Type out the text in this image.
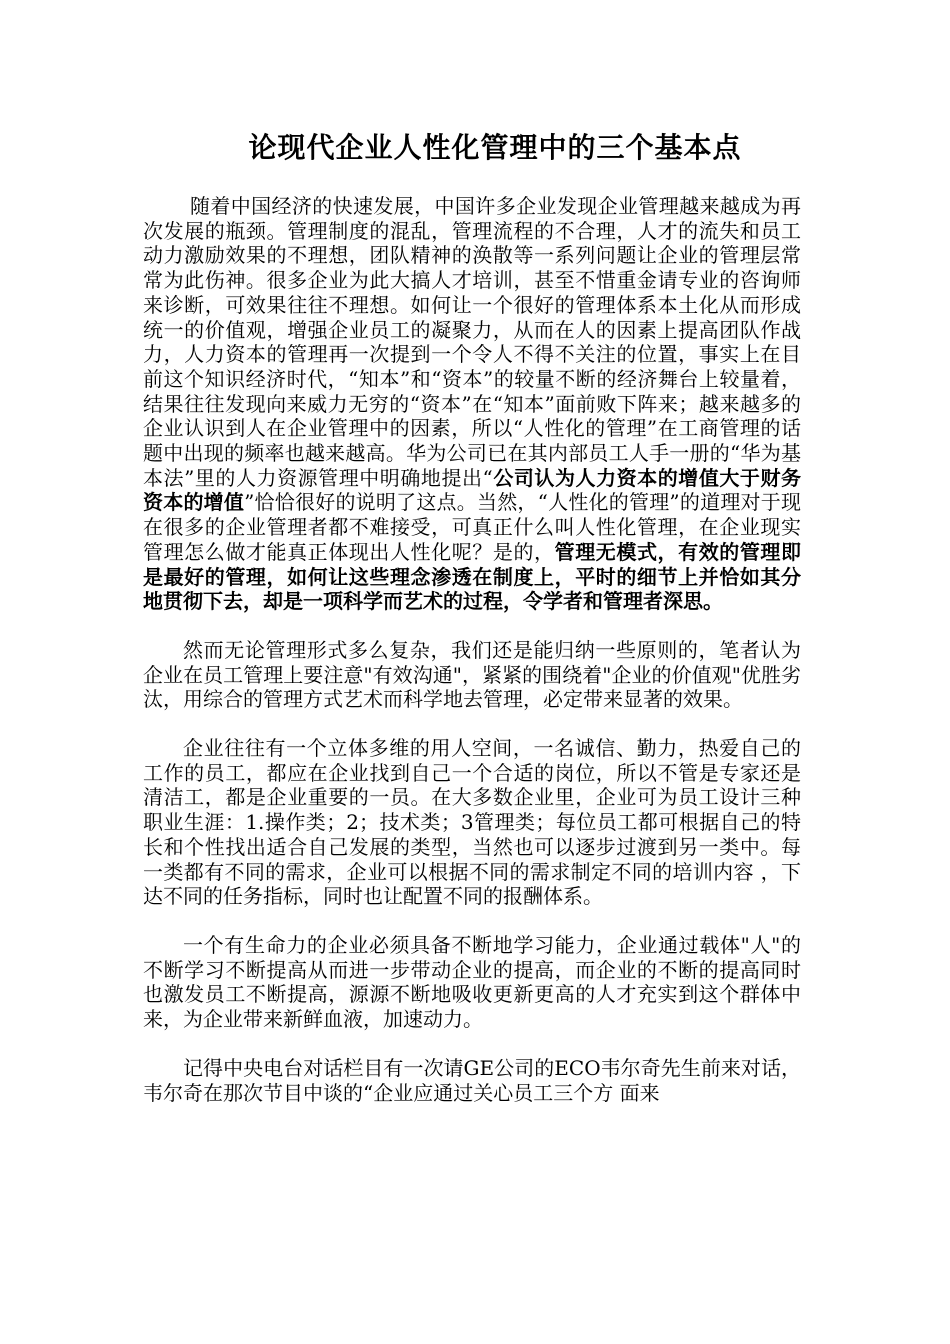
论现代企业人性化管理中的三个基本点

随着中国经济的快速发展，中国许多企业发现企业管理越来越成为再次发展的瓶颈。管理制度的混乱，管理流程的不合理，人才的流失和员工动力激励效果的不理想，团队精神的涣散等一系列问题让企业的管理层常常为此伤神。很多企业为此大搞人才培训，甚至不惜重金请专业的咨询师来诊断，可效果往往不理想。如何让一个很好的管理体系本土化从而形成统一的价值观，增强企业员工的凝聚力，从而在人的因素上提高团队作战力，人力资本的管理再一次提到一个令人不得不关注的位置，事实上在目前这个知识经济时代，“知本”和“资本”的较量不断的经济舞台上较量着，结果往往发现向来威力无穷的“资本”在“知本”面前败下阵来；越来越多的企业认识到人在企业管理中的因素，所以“人性化的管理”在工商管理的话题中出现的频率也越来越高。华为公司已在其内部员工人手一册的“华为基本法”里的人力资源管理中明确地提出“公司认为人力资本的增值大于财务资本的增值”恰恰很好的说明了这点。当然，“人性化的管理”的道理对于现在很多的企业管理者都不难接受，可真正什么叫人性化管理，在企业现实管理怎么做才能真正体现出人性化呢？是的，管理无模式，有效的管理即是最好的管理，如何让这些理念渗透在制度上，平时的细节上并恰如其分地贯彻下去，却是一项科学而艺术的过程，令学者和管理者深思。

然而无论管理形式多么复杂，我们还是能归纳一些原则的，笔者认为企业在员工管理上要注意"有效沟通"，紧紧的围绕着"企业的价值观"优胜劣汰，用综合的管理方式艺术而科学地去管理，必定带来显著的效果。

企业往往有一个立体多维的用人空间，一名诚信、勤力，热爱自己的工作的员工，都应在企业找到自己一个合适的岗位，所以不管是专家还是清洁工，都是企业重要的一员。在大多数企业里，企业可为员工设计三种职业生涯：1.操作类；2；技术类；3管理类；每位员工都可根据自己的特长和个性找出适合自己发展的类型，当然也可以逐步过渡到另一类中。每一类都有不同的需求，企业可以根据不同的需求制定不同的培训内容 ，下达不同的任务指标，同时也让配置不同的报酬体系。

一个有生命力的企业必须具备不断地学习能力，企业通过载体"人"的不断学习不断提高从而进一步带动企业的提高，而企业的不断的提高同时也激发员工不断提高，源源不断地吸收更新更高的人才充实到这个群体中来，为企业带来新鲜血液，加速动力。

记得中央电台对话栏目有一次请GE公司的ECO韦尔奇先生前来对话，韦尔奇在那次节目中谈的“企业应通过关心员工三个方 面来
